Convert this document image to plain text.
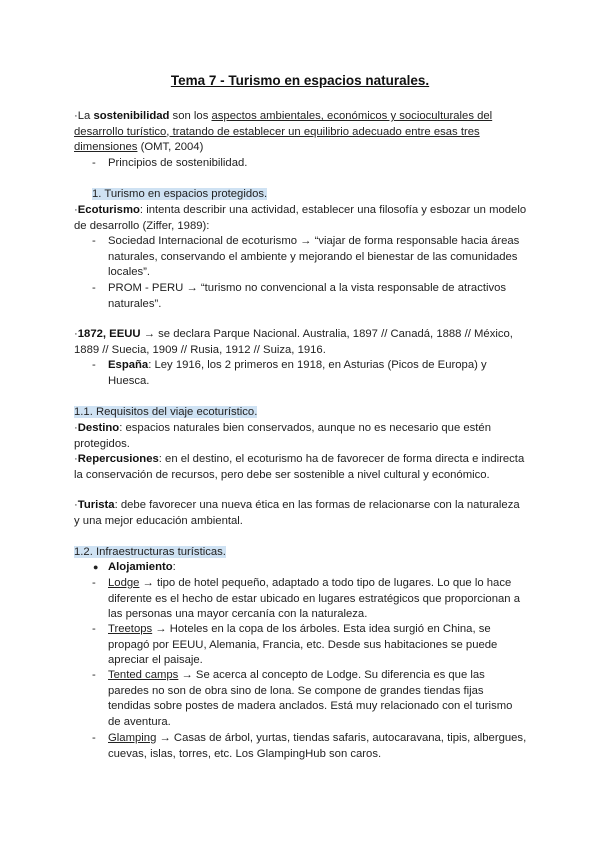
Tema 7 - Turismo en espacios naturales.
·La sostenibilidad son los aspectos ambientales, económicos y socioculturales del desarrollo turístico, tratando de establecer un equilibrio adecuado entre esas tres dimensiones (OMT, 2004)
- Principios de sostenibilidad.
1. Turismo en espacios protegidos.
·Ecoturismo: intenta describir una actividad, establecer una filosofía y esbozar un modelo de desarrollo (Ziffer, 1989):
- Sociedad Internacional de ecoturismo → “viajar de forma responsable hacia áreas naturales, conservando el ambiente y mejorando el bienestar de las comunidades locales”.
- PROM - PERU → “turismo no convencional a la vista responsable de atractivos naturales”.
·1872, EEUU → se declara Parque Nacional. Australia, 1897 // Canadá, 1888 // México, 1889 // Suecia, 1909 // Rusia, 1912 // Suiza, 1916.
- España: Ley 1916, los 2 primeros en 1918, en Asturias (Picos de Europa) y Huesca.
1.1. Requisitos del viaje ecoturístico.
·Destino: espacios naturales bien conservados, aunque no es necesario que estén protegidos.
·Repercusiones: en el destino, el ecoturismo ha de favorecer de forma directa e indirecta la conservación de recursos, pero debe ser sostenible a nivel cultural y económico.
·Turista: debe favorecer una nueva ética en las formas de relacionarse con la naturaleza y una mejor educación ambiental.
1.2. Infraestructuras turísticas.
● Alojamiento:
- Lodge → tipo de hotel pequeño, adaptado a todo tipo de lugares. Lo que lo hace diferente es el hecho de estar ubicado en lugares estratégicos que proporcionan a las personas una mayor cercanía con la naturaleza.
- Treetops → Hoteles en la copa de los árboles. Esta idea surgió en China, se propagó por EEUU, Alemania, Francia, etc. Desde sus habitaciones se puede apreciar el paisaje.
- Tented camps → Se acerca al concepto de Lodge. Su diferencia es que las paredes no son de obra sino de lona. Se compone de grandes tiendas fijas tendidas sobre postes de madera anclados. Está muy relacionado con el turismo de aventura.
- Glamping → Casas de árbol, yurtas, tiendas safaris, autocaravana, tipis, albergues, cuevas, islas, torres, etc. Los GlampingHub son caros.
